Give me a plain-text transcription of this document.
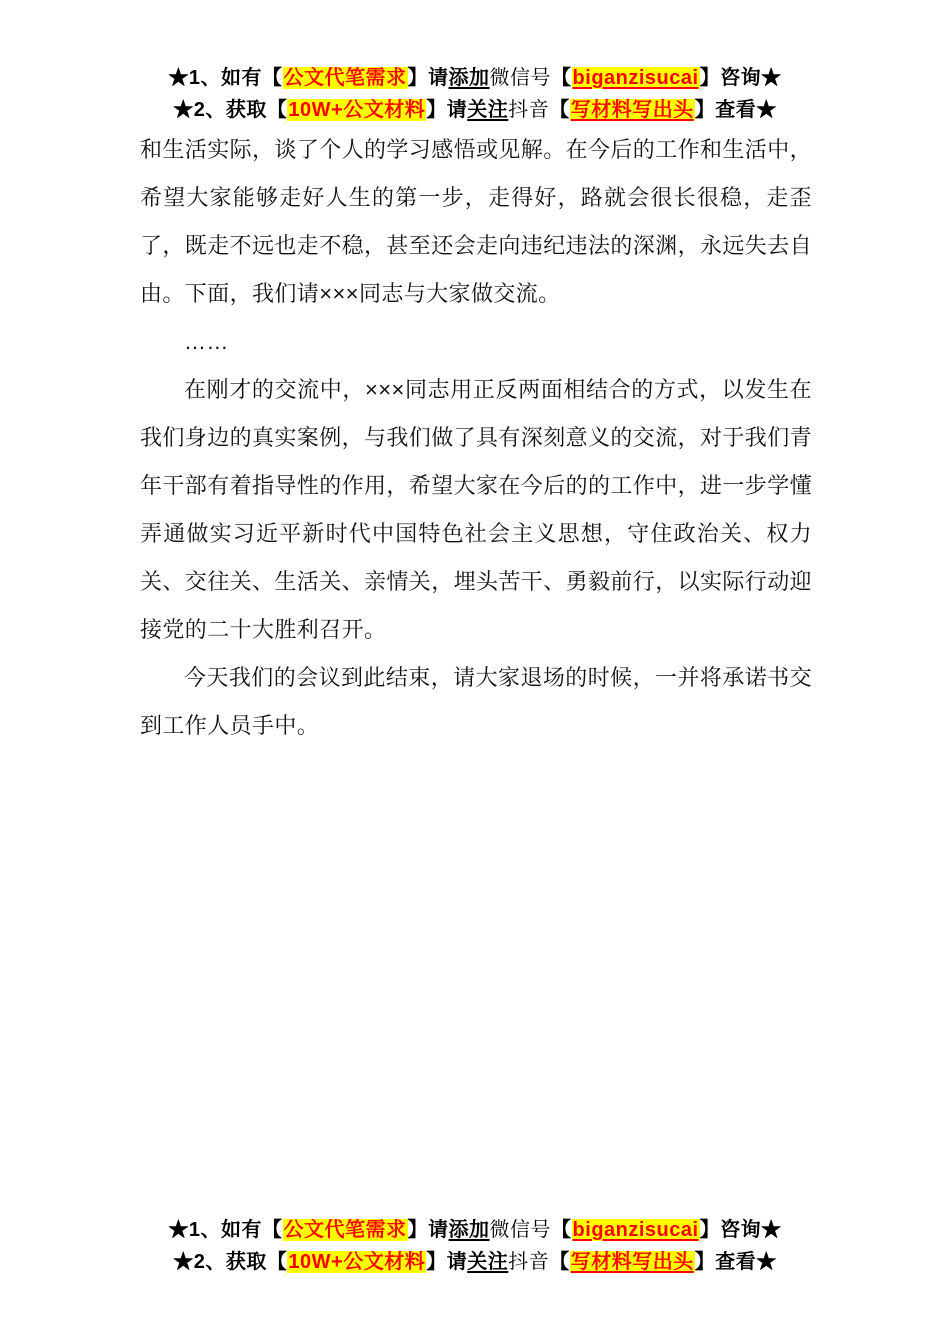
★1、如有【公文代笔需求】请添加微信号【biganzisucai】咨询★
★2、获取【10W+公文材料】请关注抖音【写材料写出头】查看★

和生活实际，谈了个人的学习感悟或见解。在今后的工作和生活中，希望大家能够走好人生的第一步，走得好，路就会很长很稳，走歪了，既走不远也走不稳，甚至还会走向违纪违法的深渊，永远失去自由。下面，我们请×××同志与大家做交流。

……

在刚才的交流中，×××同志用正反两面相结合的方式，以发生在我们身边的真实案例，与我们做了具有深刻意义的交流，对于我们青年干部有着指导性的作用，希望大家在今后的的工作中，进一步学懂弄通做实习近平新时代中国特色社会主义思想，守住政治关、权力关、交往关、生活关、亲情关，埋头苦干、勇毅前行，以实际行动迎接党的二十大胜利召开。

今天我们的会议到此结束，请大家退场的时候，一并将承诺书交到工作人员手中。

★1、如有【公文代笔需求】请添加微信号【biganzisucai】咨询★
★2、获取【10W+公文材料】请关注抖音【写材料写出头】查看★
